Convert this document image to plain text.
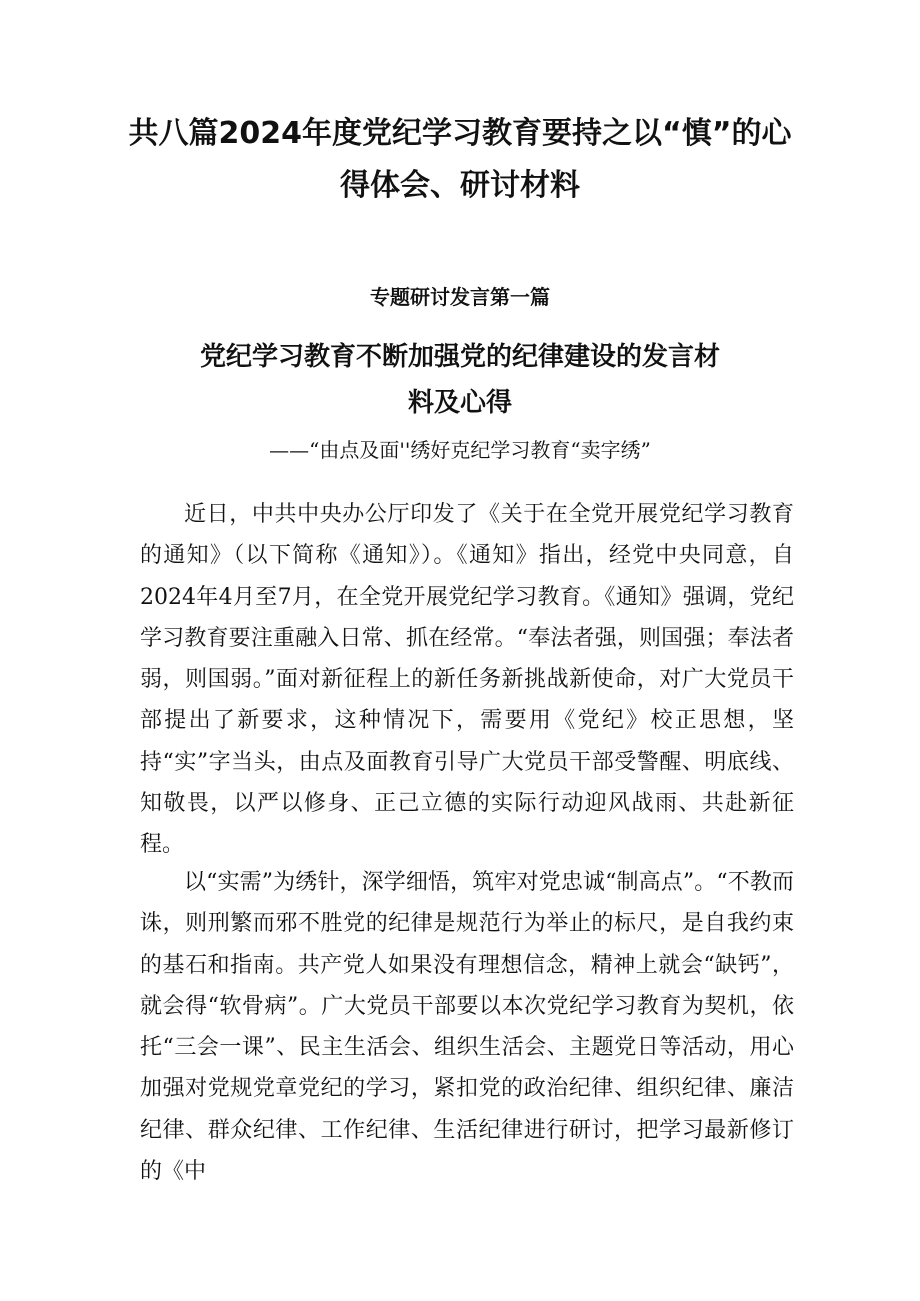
共八篇2024年度党纪学习教育要持之以“慎”的心得体会、研讨材料

专题研讨发言第一篇

党纪学习教育不断加强党的纪律建设的发言材料及心得

——“由点及面''绣好克纪学习教育“卖字绣”

近日，中共中央办公厅印发了《关于在全党开展党纪学习教育的通知》（以下简称《通知》）。《通知》指出，经党中央同意，自2024年4月至7月，在全党开展党纪学习教育。《通知》强调，党纪学习教育要注重融入日常、抓在经常。“奉法者强，则国强；奉法者弱，则国弱。”面对新征程上的新任务新挑战新使命，对广大党员干部提出了新要求，这种情况下，需要用《党纪》校正思想，坚持“实”字当头，由点及面教育引导广大党员干部受警醒、明底线、知敬畏，以严以修身、正己立德的实际行动迎风战雨、共赴新征程。

以“实需”为绣针，深学细悟，筑牢对党忠诚“制高点”。“不教而诛，则刑繁而邪不胜党的纪律是规范行为举止的标尺，是自我约束的基石和指南。共产党人如果没有理想信念，精神上就会“缺钙”，就会得“软骨病”。广大党员干部要以本次党纪学习教育为契机，依托“三会一课”、民主生活会、组织生活会、主题党日等活动，用心加强对党规党章党纪的学习，紧扣党的政治纪律、组织纪律、廉洁纪律、群众纪律、工作纪律、生活纪律进行研讨，把学习最新修订的《中
